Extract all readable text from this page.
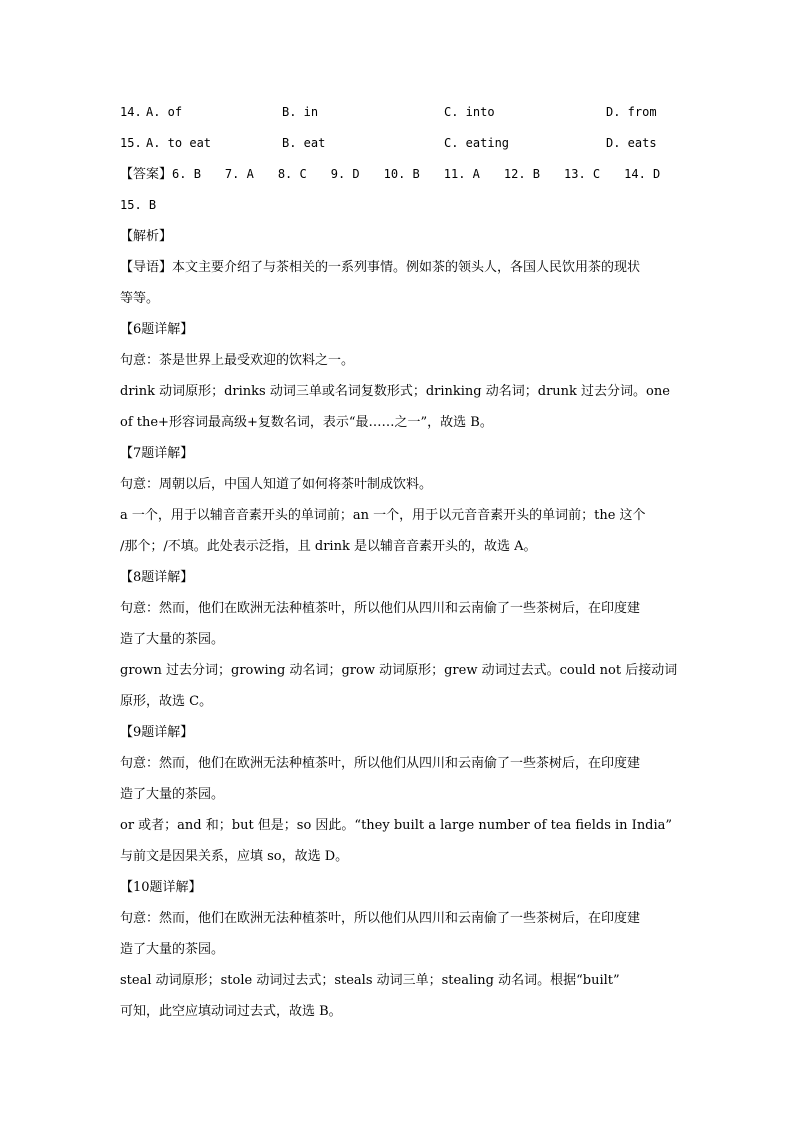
14. A. of	B. in	C. into	D. from
15. A. to eat	B. eat	C. eating	D. eats
【答案】6. B 7. A 8. C 9. D 10. B 11. A 12. B 13. C 14. D
15. B
【解析】
【导语】本文主要介绍了与茶相关的一系列事情。例如茶的领头人，各国人民饮用茶的现状
等等。
【6题详解】
句意：茶是世界上最受欢迎的饮料之一。
drink 动词原形；drinks 动词三单或名词复数形式；drinking 动名词；drunk 过去分词。one
of the+形容词最高级+复数名词，表示“最……之一”，故选 B。
【7题详解】
句意：周朝以后，中国人知道了如何将茶叶制成饮料。
a 一个，用于以辅音音素开头的单词前；an 一个，用于以元音音素开头的单词前；the 这个
/那个；/不填。此处表示泛指，且 drink 是以辅音音素开头的，故选 A。
【8题详解】
句意：然而，他们在欧洲无法种植茶叶，所以他们从四川和云南偷了一些茶树后，在印度建
造了大量的茶园。
grown 过去分词；growing 动名词；grow 动词原形；grew 动词过去式。could not 后接动词
原形，故选 C。
【9题详解】
句意：然而，他们在欧洲无法种植茶叶，所以他们从四川和云南偷了一些茶树后，在印度建
造了大量的茶园。
or 或者；and 和；but 但是；so 因此。“they built a large number of tea fields in India”
与前文是因果关系，应填 so，故选 D。
【10题详解】
句意：然而，他们在欧洲无法种植茶叶，所以他们从四川和云南偷了一些茶树后，在印度建
造了大量的茶园。
steal 动词原形；stole 动词过去式；steals 动词三单；stealing 动名词。根据“built”
可知，此空应填动词过去式，故选 B。
